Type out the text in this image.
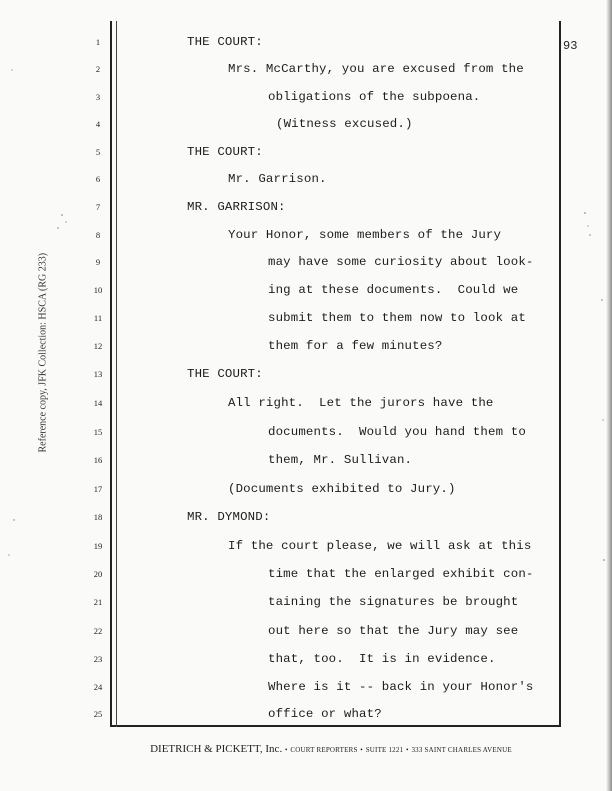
93
Reference copy, JFK Collection: HSCA (RG 233)
1
2
3
4
5
6
7
8
9
10
11
12
13
14
15
16
17
18
19
20
21
22
23
24
25
THE COURT:
Mrs. McCarthy, you are excused from the
obligations of the subpoena.
(Witness excused.)
THE COURT:
Mr. Garrison.
MR. GARRISON:
Your Honor, some members of the Jury
may have some curiosity about look-
ing at these documents.  Could we
submit them to them now to look at
them for a few minutes?
THE COURT:
All right.  Let the jurors have the
documents.  Would you hand them to
them, Mr. Sullivan.
(Documents exhibited to Jury.)
MR. DYMOND:
If the court please, we will ask at this
time that the enlarged exhibit con-
taining the signatures be brought
out here so that the Jury may see
that, too.  It is in evidence.
Where is it -- back in your Honor's
office or what?
DIETRICH & PICKETT, Inc. • COURT REPORTERS • SUITE 1221 • 333 SAINT CHARLES AVENUE
